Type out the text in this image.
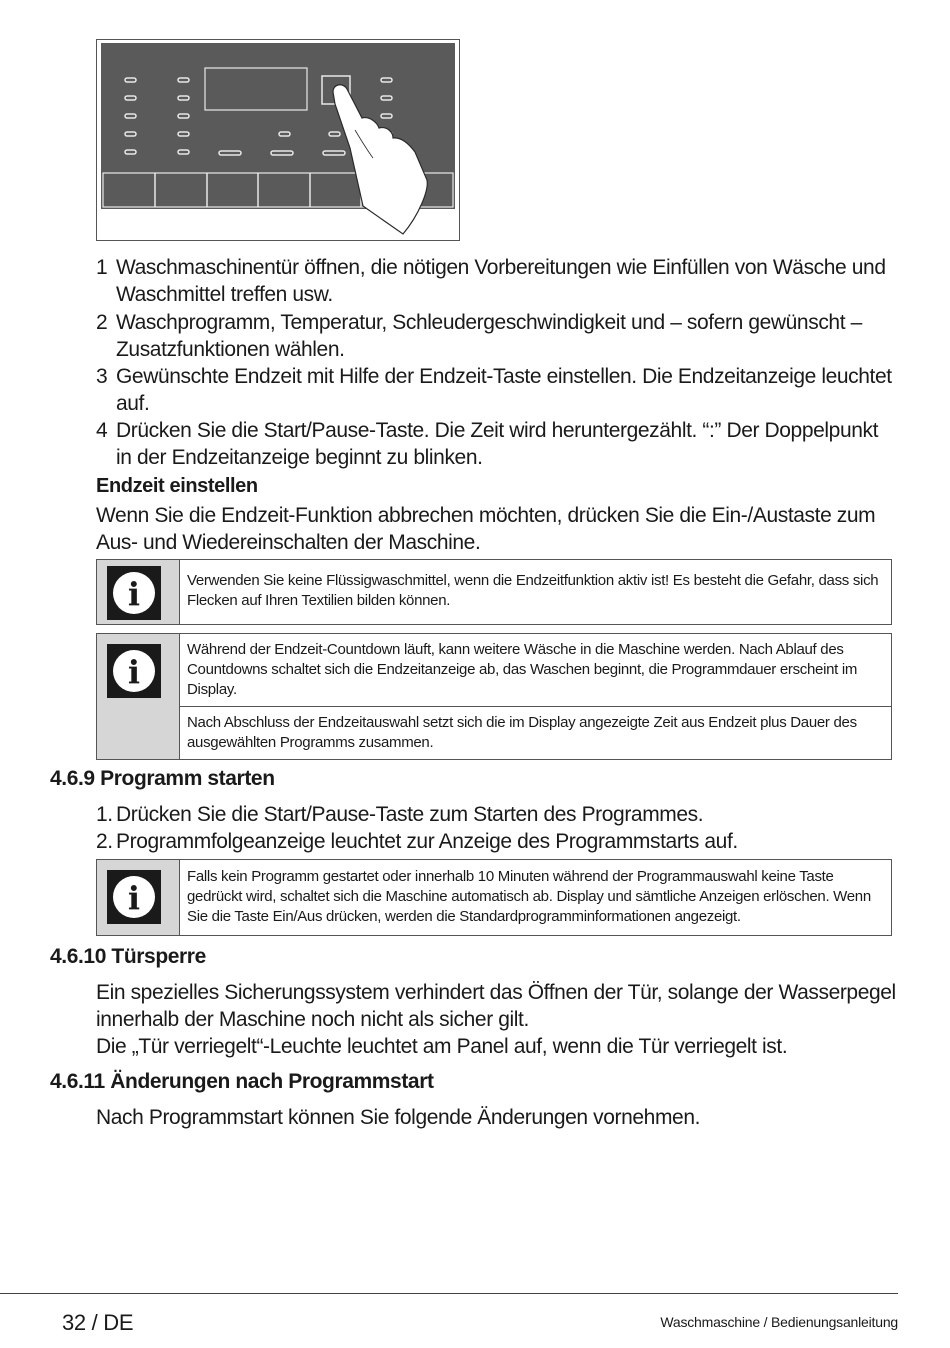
1 Waschmaschinentür öffnen, die nötigen Vorbereitungen wie Einfüllen von Wäsche und Waschmittel treffen usw.
2 Waschprogramm, Temperatur, Schleudergeschwindigkeit und – sofern gewünscht – Zusatzfunktionen wählen.
3 Gewünschte Endzeit mit Hilfe der Endzeit-Taste einstellen. Die Endzeitanzeige leuchtet auf.
4 Drücken Sie die Start/Pause-Taste. Die Zeit wird heruntergezählt. “:” Der Doppelpunkt in der Endzeitanzeige beginnt zu blinken.
Endzeit einstellen
Wenn Sie die Endzeit-Funktion abbrechen möchten, drücken Sie die Ein-/Austaste zum Aus- und Wiedereinschalten der Maschine.
i	Verwenden Sie keine Flüssigwaschmittel, wenn die Endzeitfunktion aktiv ist! Es besteht die Gefahr, dass sich Flecken auf Ihren Textilien bilden können.
i
Während der Endzeit-Countdown läuft, kann weitere Wäsche in die Maschine werden. Nach Ablauf des Countdowns schaltet sich die Endzeitanzeige ab, das Waschen beginnt, die Programmdauer erscheint im Display.
Nach Abschluss der Endzeitauswahl setzt sich die im Display angezeigte Zeit aus Endzeit plus Dauer des ausgewählten Programms zusammen.
4.6.9 Programm starten
1. Drücken Sie die Start/Pause-Taste zum Starten des Programmes.
2. Programmfolgeanzeige leuchtet zur Anzeige des Programmstarts auf.
i
Falls kein Programm gestartet oder innerhalb 10 Minuten während der Programmauswahl keine Taste gedrückt wird, schaltet sich die Maschine automatisch ab. Display und sämtliche Anzeigen erlöschen. Wenn Sie die Taste Ein/Aus drücken, werden die Standardprogramminformationen angezeigt.
4.6.10 Türsperre
Ein spezielles Sicherungssystem verhindert das Öffnen der Tür, solange der Wasserpegel innerhalb der Maschine noch nicht als sicher gilt.
Die „Tür verriegelt“-Leuchte leuchtet am Panel auf, wenn die Tür verriegelt ist.
4.6.11 Änderungen nach Programmstart
Nach Programmstart können Sie folgende Änderungen vornehmen.
32 / DE	Waschmaschine / Bedienungsanleitung
